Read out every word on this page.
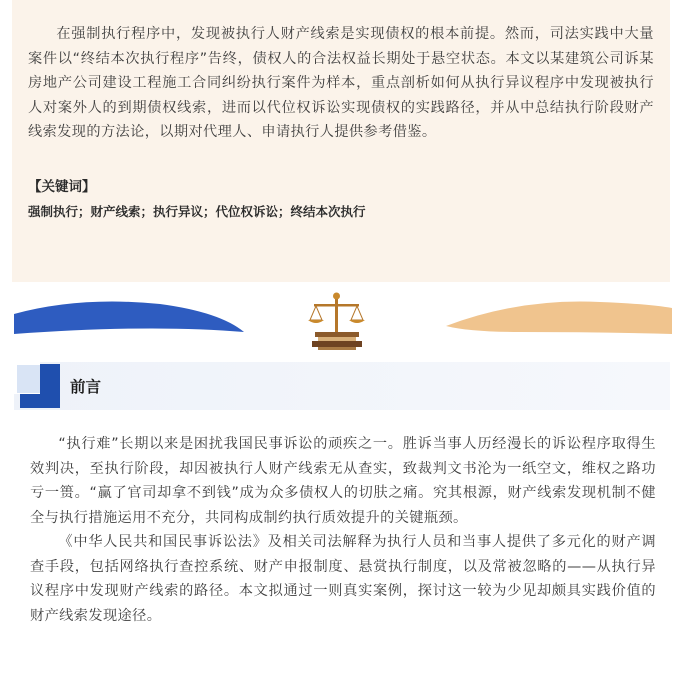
在强制执行程序中，发现被执行人财产线索是实现债权的根本前提。然而，司法实践中大量案件以“终结本次执行程序”告终，债权人的合法权益长期处于悬空状态。本文以某建筑公司诉某房地产公司建设工程施工合同纠纷执行案件为样本，重点剖析如何从执行异议程序中发现被执行人对案外人的到期债权线索，进而以代位权诉讼实现债权的实践路径，并从中总结执行阶段财产线索发现的方法论，以期对代理人、申请执行人提供参考借鉴。

【关键词】
强制执行；财产线索；执行异议；代位权诉讼；终结本次执行
前言

“执行难”长期以来是困扰我国民事诉讼的顽疾之一。胜诉当事人历经漫长的诉讼程序取得生效判决，至执行阶段，却因被执行人财产线索无从查实，致裁判文书沦为一纸空文，维权之路功亏一篑。“赢了官司却拿不到钱”成为众多债权人的切肤之痛。究其根源，财产线索发现机制不健全与执行措施运用不充分，共同构成制约执行质效提升的关键瓶颈。

《中华人民共和国民事诉讼法》及相关司法解释为执行人员和当事人提供了多元化的财产调查手段，包括网络执行查控系统、财产申报制度、悬赏执行制度，以及常被忽略的——从执行异议程序中发现财产线索的路径。本文拟通过一则真实案例，探讨这一较为少见却颇具实践价值的财产线索发现途径。
